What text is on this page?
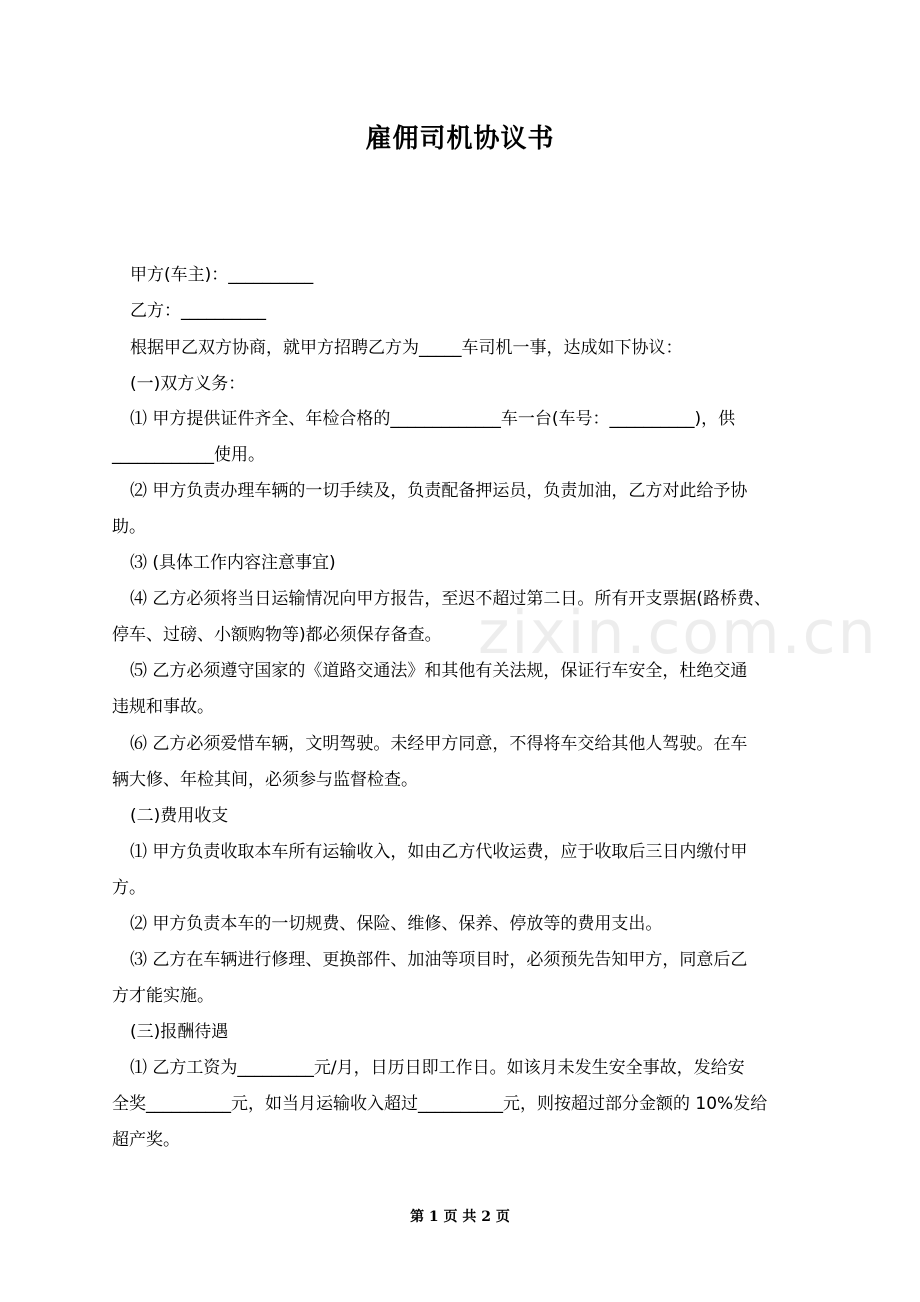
雇佣司机协议书
甲方(车主)：__________
乙方：__________
根据甲乙双方协商，就甲方招聘乙方为_____车司机一事，达成如下协议：
(一)双方义务：
⑴ 甲方提供证件齐全、年检合格的_____________车一台(车号：__________)，供
____________使用。
⑵ 甲方负责办理车辆的一切手续及，负责配备押运员，负责加油，乙方对此给予协
助。
⑶ (具体工作内容注意事宜)
⑷ 乙方必须将当日运输情况向甲方报告，至迟不超过第二日。所有开支票据(路桥费、
停车、过磅、小额购物等)都必须保存备查。
⑸ 乙方必须遵守国家的《道路交通法》和其他有关法规，保证行车安全，杜绝交通
违规和事故。
⑹ 乙方必须爱惜车辆，文明驾驶。未经甲方同意，不得将车交给其他人驾驶。在车
辆大修、年检其间，必须参与监督检查。
(二)费用收支
⑴ 甲方负责收取本车所有运输收入，如由乙方代收运费，应于收取后三日内缴付甲
方。
⑵ 甲方负责本车的一切规费、保险、维修、保养、停放等的费用支出。
⑶ 乙方在车辆进行修理、更换部件、加油等项目时，必须预先告知甲方，同意后乙
方才能实施。
(三)报酬待遇
⑴ 乙方工资为_________元/月，日历日即工作日。如该月未发生安全事故，发给安
全奖__________元，如当月运输收入超过__________元，则按超过部分金额的 10%发给
超产奖。
zixin.com.cn
第 1 页 共 2 页
